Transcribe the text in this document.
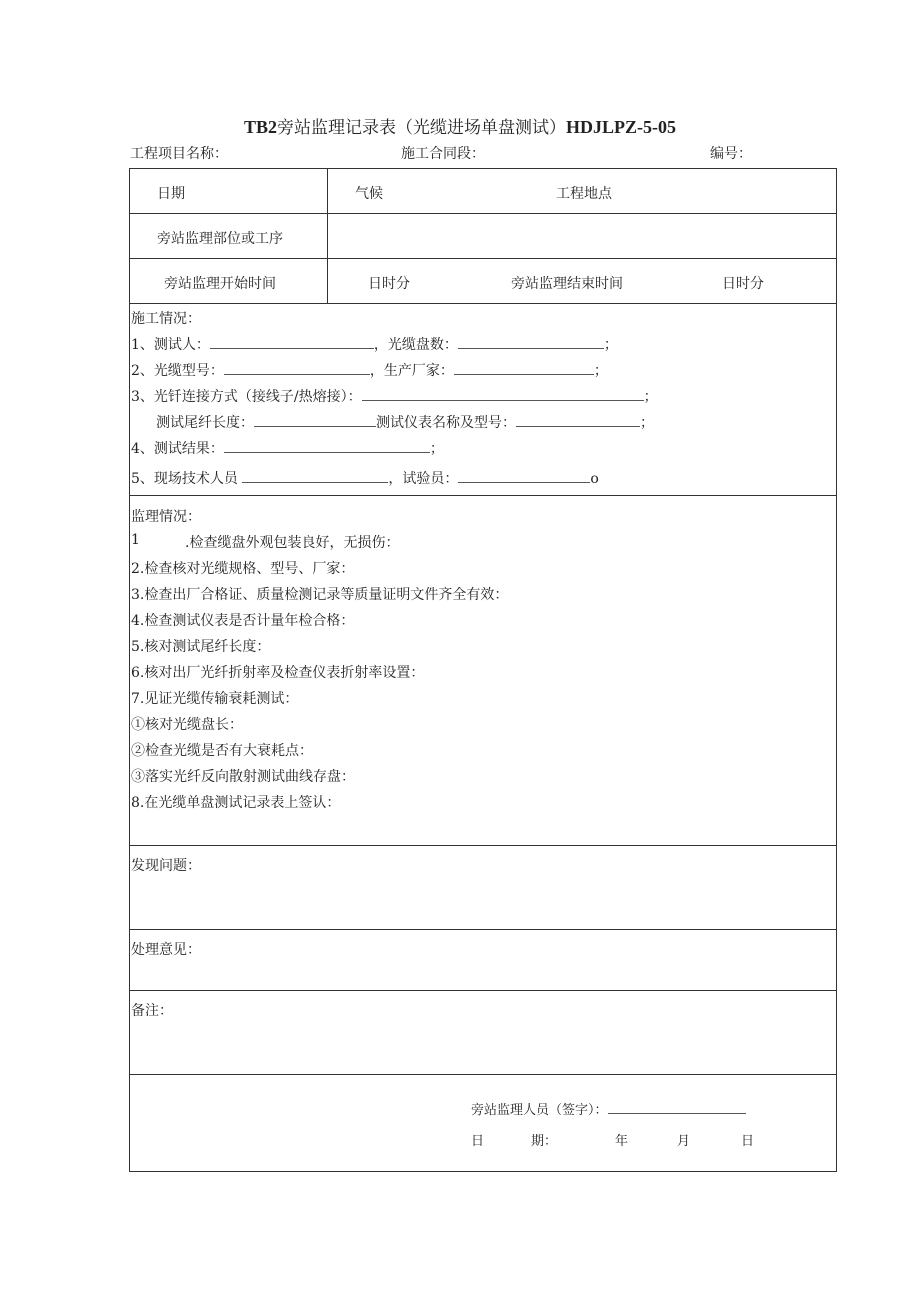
TB2旁站监理记录表（光缆进场单盘测试）HDJLPZ-5-05
工程项目名称：	施工合同段：	编号：
日期	气候	工程地点
旁站监理部位或工序
旁站监理开始时间	日时分	旁站监理结束时间	日时分
施工情况：
1、测试人：	，光缆盘数：	；
2、光缆型号：	，生产厂家：	；
3、光钎连接方式（接线子/热熔接）：	；
测试尾纤长度：	测试仪表名称及型号：	；
4、测试结果：	；
5、现场技术人员	，试验员：	o
监理情况：
1	.检查缆盘外观包装良好，无损伤：
2.检查核对光缆规格、型号、厂家：
3.检查出厂合格证、质量检测记录等质量证明文件齐全有效：
4.检查测试仪表是否计量年检合格：
5.核对测试尾纤长度：
6.核对出厂光纤折射率及检查仪表折射率设置：
7.见证光缆传输衰耗测试：
①核对光缆盘长：
②检查光缆是否有大衰耗点：
③落实光纤反向散射测试曲线存盘：
8.在光缆单盘测试记录表上签认：
发现问题：
处理意见：
备注：
旁站监理人员（签字）：
日	期：	年	月	日
